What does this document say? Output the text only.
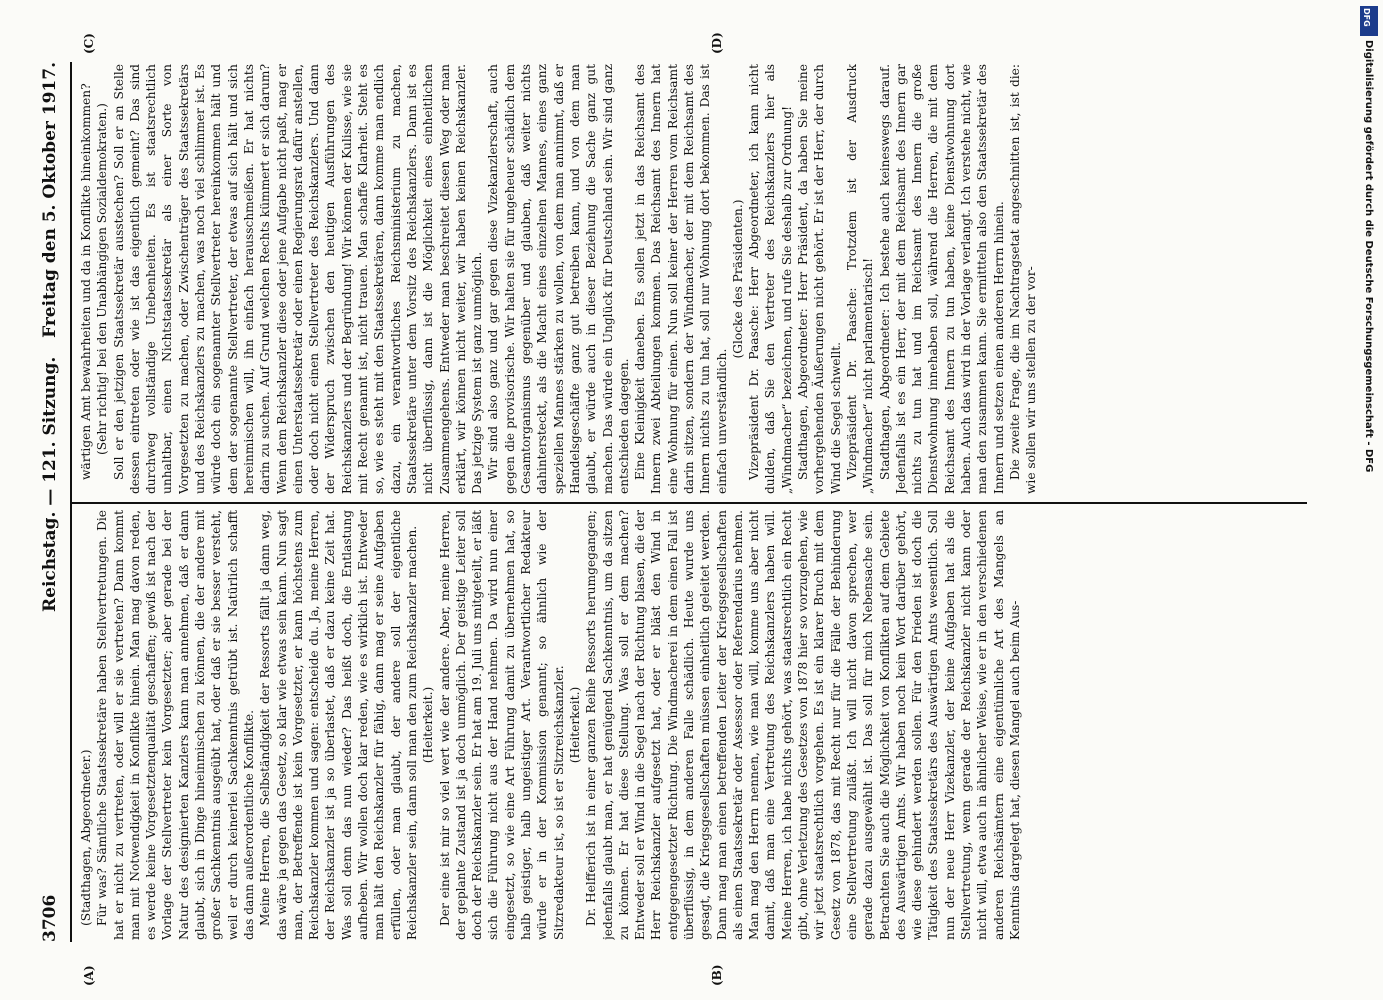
3706
Reichstag. — 121. Sitzung.
Freitag den 5. Oktober 1917.
(A)	(B)
(C)	(D)

(Stadthagen, Abgeordneter.) Für was? Sämtliche Staatssekretäre haben Stellvertretungen. Die hat er nicht zu vertreten, oder will er sie vertreten? Dann kommt man mit Notwendigkeit in Konflikte hinein. Man mag davon reden, es werde keine Vorgesetztenqualität geschaffen; gewiß ist nach der Vorlage der Stellvertreter kein Vorgesetzter; aber gerade bei der Natur des designierten Kanzlers kann man annehmen, daß er dann glaubt, sich in Dinge hineinmischen zu können, die der andere mit großer Sachkenntnis ausgeübt hat, oder daß er sie besser versteht, weil er durch keinerlei Sachkenntnis getrübt ist. Natürlich schafft das dann außerordentliche Konflikte. Meine Herren, die Selbständigkeit der Ressorts fällt ja dann weg, das wäre ja gegen das Gesetz, so klar wie etwas sein kann. Nun sagt man, der Betreffende ist kein Vorgesetzter, er kann höchstens zum Reichskanzler kommen und sagen: entscheide du. Ja, meine Herren, der Reichskanzler ist ja so überlastet, daß er dazu keine Zeit hat. Was soll denn das nun wieder? Das heißt doch, die Entlastung aufheben. Wir wollen doch klar reden, wie es wirklich ist. Entweder man hält den Reichskanzler für fähig, dann mag er seine Aufgaben erfüllen, oder man glaubt, der andere soll der eigentliche Reichskanzler sein, dann soll man den zum Reichskanzler machen. (Heiterkeit.) Der eine ist mir so viel wert wie der andere. Aber, meine Herren, der geplante Zustand ist ja doch unmöglich. Der geistige Leiter soll doch der Reichskanzler sein. Er hat am 19. Juli uns mitgeteilt, er läßt sich die Führung nicht aus der Hand nehmen. Da wird nun einer eingesetzt, so wie eine Art Führung damit zu übernehmen hat, so halb geistiger, halb ungeistiger Art. Verantwortlicher Redakteur würde er in der Kommission genannt; so ähnlich wie der Sitzredakteur ist, so ist er Sitzreichskanzler. (Heiterkeit.) Dr. Helfferich ist in einer ganzen Reihe Ressorts herumgegangen; jedenfalls glaubt man, er hat genügend Sachkenntnis, um da sitzen zu können. Er hat diese Stellung. Was soll er dem machen? Entweder soll er Wind in die Segel nach der Richtung blasen, die der Herr Reichskanzler aufgesetzt hat, oder er bläst den Wind in entgegengesetzter Richtung. Die Windmacherei in dem einen Fall ist überflüssig, in dem anderen Falle schädlich. Heute wurde uns gesagt, die Kriegsgesellschaften müssen einheitlich geleitet werden. Dann mag man einen betreffenden Leiter der Kriegsgesellschaften als einen Staatssekretär oder Assessor oder Referendarius nehmen. Man mag den Herrn nennen, wie man will, komme uns aber nicht damit, daß man eine Vertretung des Reichskanzlers haben will. Meine Herren, ich habe nichts gehört, was staatsrechtlich ein Recht gibt, ohne Verletzung des Gesetzes von 1878 hier so vorzugehen, wie wir jetzt staatsrechtlich vorgehen. Es ist ein klarer Bruch mit dem Gesetz von 1878, das mit Recht nur für die Fälle der Behinderung eine Stellvertretung zuläßt. Ich will nicht davon sprechen, wer gerade dazu ausgewählt ist. Das soll für mich Nebensache sein. Betrachten Sie auch die Möglichkeit von Konflikten auf dem Gebiete des Auswärtigen Amts. Wir haben noch kein Wort darüber gehört, wie diese gehindert werden sollen. Für den Frieden ist doch die Tätigkeit des Staatssekretärs des Auswärtigen Amts wesentlich. Soll nun der neue Herr Vizekanzler, der keine Aufgaben hat als die Stellvertretung, wenn gerade der Reichskanzler nicht kann oder nicht will, etwa auch in ähnlicher Weise, wie er in den verschiedenen anderen Reichsämtern eine eigentümliche Art des Mangels an Kenntnis dargelegt hat, diesen Mangel auch beim Aus-

wärtigen Amt bewahrheiten und da in Konflikte hineinkommen? (Sehr richtig! bei den Unabhängigen Sozialdemokraten.) Soll er den jetzigen Staatssekretär ausstechen? Soll er an Stelle dessen eintreten oder wie ist das eigentlich gemeint? Das sind durchweg vollständige Unebenheiten. Es ist staatsrechtlich unhaltbar, einen Nichtstaatssekretär als einer Sorte von Vorgesetzten zu machen, oder Zwischenträger des Staatssekretärs und des Reichskanzlers zu machen, was noch viel schlimmer ist. Es würde doch ein sogenannter Stellvertreter hereinkommen hält und dem der sogenannte Stellvertreter, der etwas auf sich hält und sich hereinmischen will, ihn einfach herausschmeißen. Er hat nichts darin zu suchen. Auf Grund welchen Rechts kümmert er sich darum? Wenn dem Reichskanzler diese oder jene Aufgabe nicht paßt, mag er einen Unterstaatssekretär oder einen Regierungsrat dafür anstellen, oder doch nicht einen Stellvertreter des Reichskanzlers. Und dann der Widerspruch zwischen den heutigen Ausführungen des Reichskanzlers und der Begründung! Wir können der Kulisse, wie sie mit Recht genannt ist, nicht trauen. Man schaffe Klarheit. Steht es so, wie es steht mit den Staatssekretären, dann komme man endlich dazu, ein verantwortliches Reichsministerium zu machen, Staatssekretäre unter dem Vorsitz des Reichskanzlers. Dann ist es nicht überflüssig, dann ist die Möglichkeit eines einheitlichen Zusammengehens. Entweder man beschreitet diesen Weg oder man erklärt, wir können nicht weiter, wir haben keinen Reichskanzler. Das jetzige System ist ganz unmöglich. Wir sind also ganz und gar gegen diese Vizekanzlerschaft, auch gegen die provisorische. Wir halten sie für ungeheuer schädlich dem Gesamtorganismus gegenüber und glauben, daß weiter nichts dahintersteckt, als die Macht eines einzelnen Mannes, eines ganz speziellen Mannes stärken zu wollen, von dem man annimmt, daß er Handelsgeschäfte ganz gut betreiben kann, und von dem man glaubt, er würde auch in dieser Beziehung die Sache ganz gut machen. Das würde ein Unglück für Deutschland sein. Wir sind ganz entschieden dagegen. Eine Kleinigkeit daneben. Es sollen jetzt in das Reichsamt des Innern zwei Abteilungen kommen. Das Reichsamt des Innern hat eine Wohnung für einen. Nun soll keiner der Herren vom Reichsamt darin sitzen, sondern der Windmacher, der mit dem Reichsamt des Innern nichts zu tun hat, soll nur Wohnung dort bekommen. Das ist einfach unverständlich.

(Glocke des Präsidenten.) Vizepräsident Dr. Paasche: Herr Abgeordneter, ich kann nicht dulden, daß Sie den Vertreter des Reichskanzlers hier als „Windmacher“ bezeichnen, und rufe Sie deshalb zur Ordnung! Stadthagen, Abgeordneter: Herr Präsident, da haben Sie meine vorhergehenden Äußerungen nicht gehört. Er ist der Herr, der durch Wind die Segel schwellt. Vizepräsident Dr. Paasche: Trotzdem ist der Ausdruck „Windmacher“ nicht parlamentarisch! Stadthagen, Abgeordneter: Ich bestehe auch keineswegs darauf. Jedenfalls ist es ein Herr, der mit dem Reichsamt des Innern gar nichts zu tun hat und im Reichsamt des Innern die große Dienstwohnung innehaben soll, während die Herren, die mit dem Reichsamt des Innern zu tun haben, keine Dienstwohnung dort haben. Auch das wird in der Vorlage verlangt. Ich verstehe nicht, wie man den zusammen kann. Sie ermittteln also den Staatssekretär des Innern und setzen einen anderen Herrn hinein. Die zweite Frage, die im Nachtragsetat angeschnitten ist, ist die: wie sollen wir uns stellen zu der vor-

DFG
Digitalisierung gefördert durch die Deutsche Forschungsgemeinschaft - DFG
